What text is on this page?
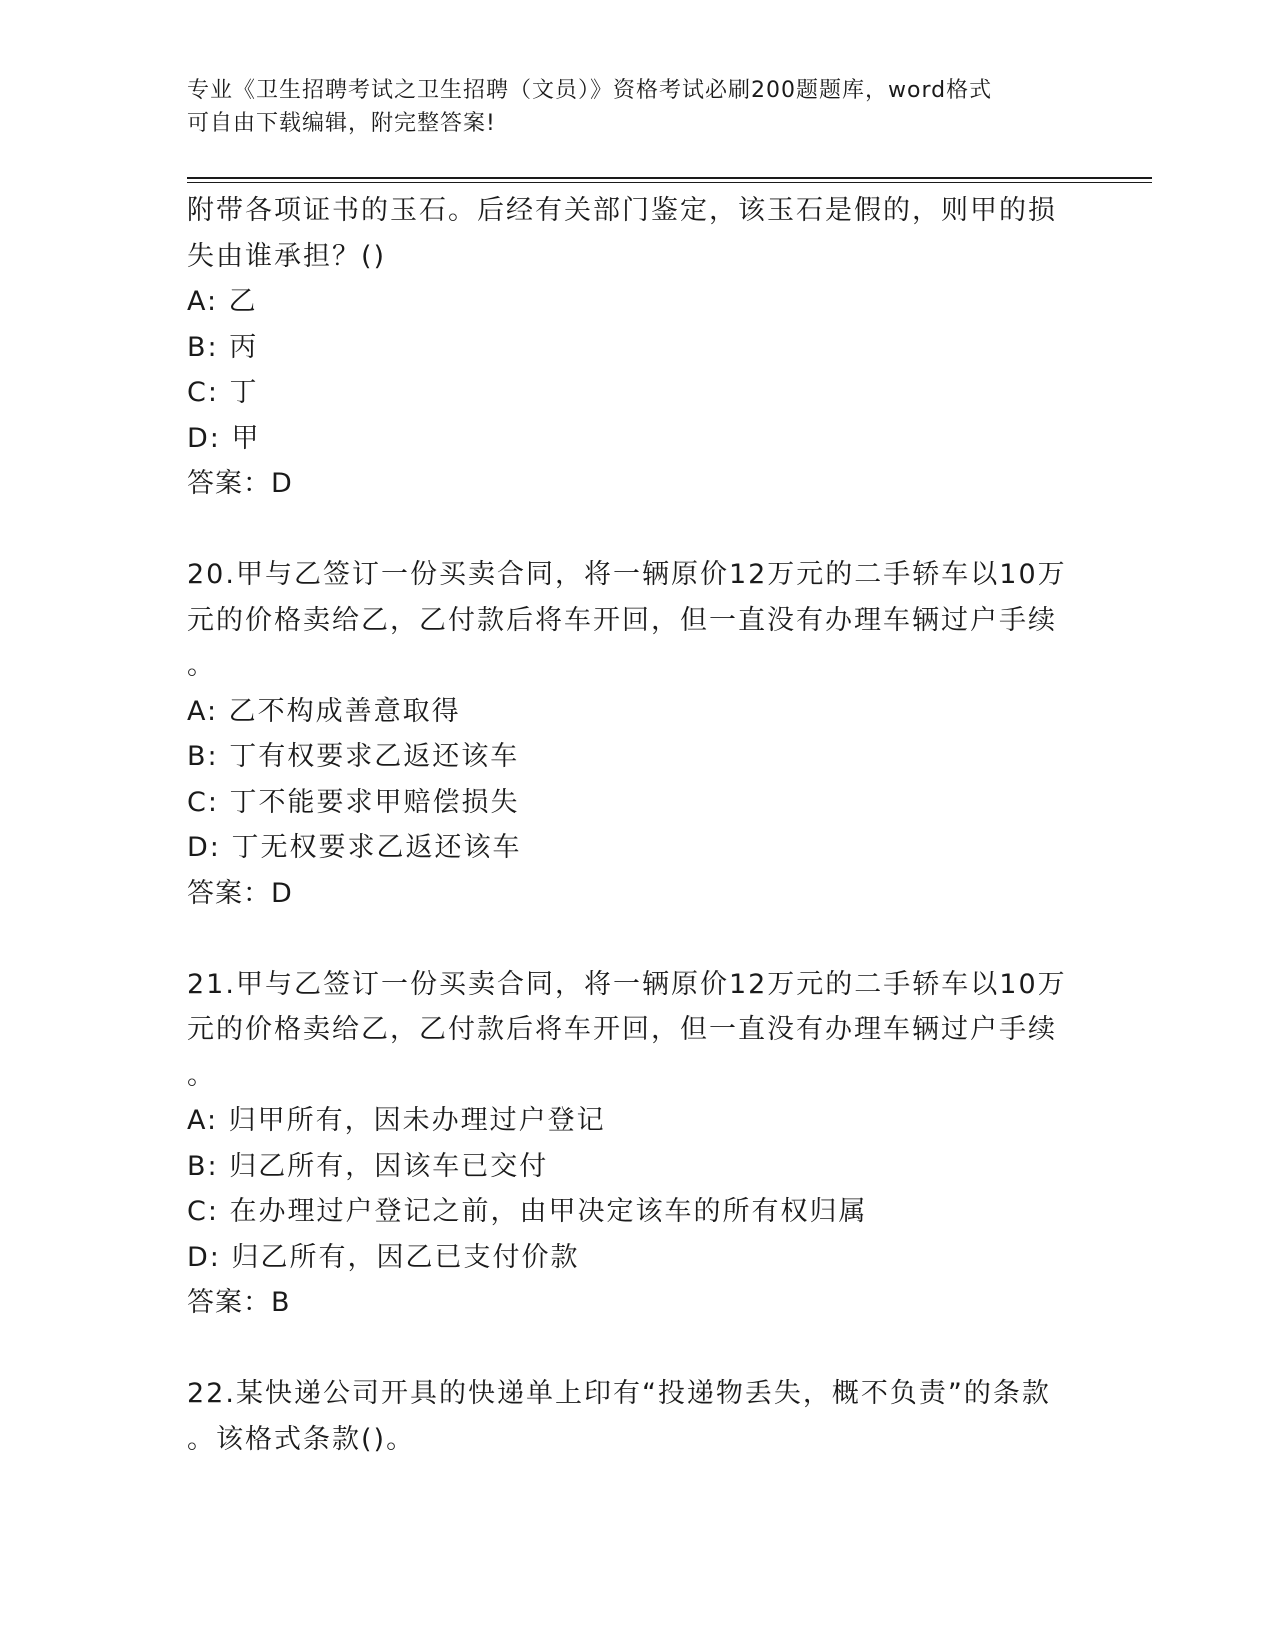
专业《卫生招聘考试之卫生招聘（文员）》资格考试必刷200题题库，word格式
可自由下载编辑，附完整答案!
附带各项证书的玉石。后经有关部门鉴定，该玉石是假的，则甲的损
失由谁承担？()
A: 乙
B: 丙
C: 丁
D: 甲
答案：D
20.甲与乙签订一份买卖合同，将一辆原价12万元的二手轿车以10万
元的价格卖给乙，乙付款后将车开回，但一直没有办理车辆过户手续
。
A: 乙不构成善意取得
B: 丁有权要求乙返还该车
C: 丁不能要求甲赔偿损失
D: 丁无权要求乙返还该车
答案：D
21.甲与乙签订一份买卖合同，将一辆原价12万元的二手轿车以10万
元的价格卖给乙，乙付款后将车开回，但一直没有办理车辆过户手续
。
A: 归甲所有，因未办理过户登记
B: 归乙所有，因该车已交付
C: 在办理过户登记之前，由甲决定该车的所有权归属
D: 归乙所有，因乙已支付价款
答案：B
22.某快递公司开具的快递单上印有“投递物丢失，概不负责”的条款
。该格式条款()。
